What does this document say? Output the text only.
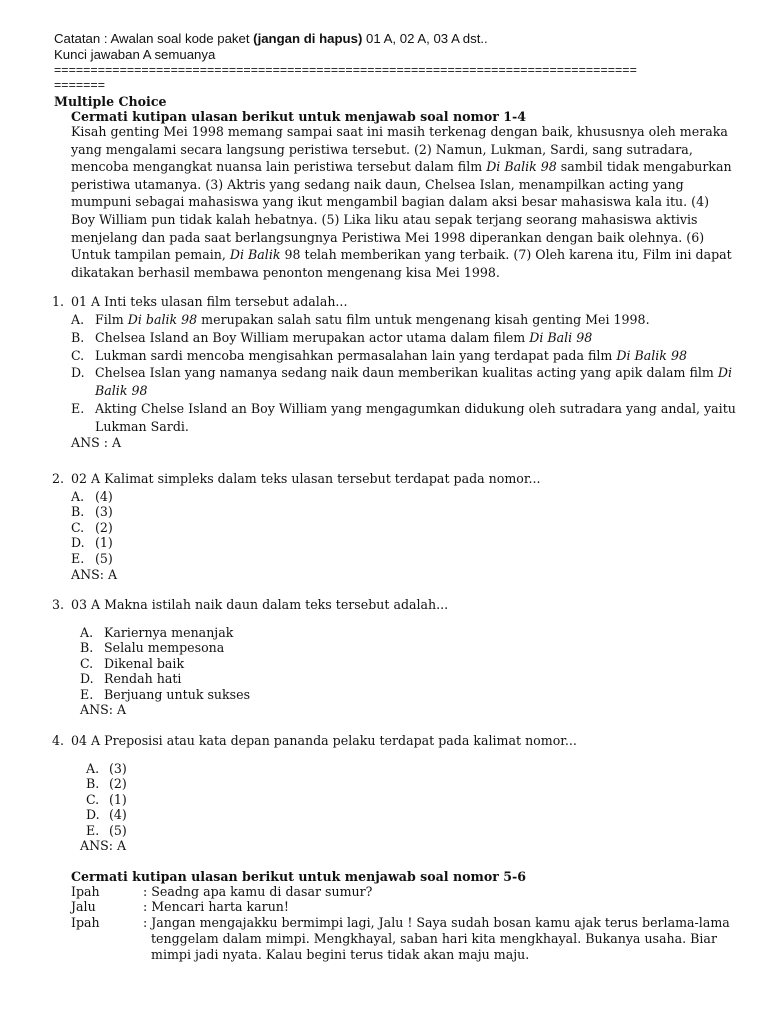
Catatan : Awalan soal kode paket (jangan di hapus) 01 A, 02 A, 03 A dst..
Kunci jawaban A semuanya
================================================================================
=======
Multiple Choice
Cermati kutipan ulasan berikut untuk menjawab soal nomor 1-4
Kisah genting Mei 1998 memang sampai saat ini masih terkenag dengan baik, khususnya oleh meraka
yang mengalami secara langsung peristiwa tersebut. (2) Namun, Lukman, Sardi, sang sutradara,
mencoba mengangkat nuansa lain peristiwa tersebut dalam film Di Balik 98 sambil tidak mengaburkan
peristiwa utamanya. (3) Aktris yang sedang naik daun, Chelsea Islan, menampilkan acting yang
mumpuni sebagai mahasiswa yang ikut mengambil bagian dalam aksi besar mahasiswa kala itu. (4)
Boy William pun tidak kalah hebatnya. (5) Lika liku atau sepak terjang seorang mahasiswa aktivis
menjelang dan pada saat berlangsungnya Peristiwa Mei 1998 diperankan dengan baik olehnya. (6)
Untuk tampilan pemain, Di Balik 98 telah memberikan yang terbaik. (7) Oleh karena itu, Film ini dapat
dikatakan berhasil membawa penonton mengenang kisa Mei 1998.
1. 01 A Inti teks ulasan film tersebut adalah...
A. Film Di balik 98 merupakan salah satu film untuk mengenang kisah genting Mei 1998.
B. Chelsea Island an Boy William merupakan actor utama dalam filem Di Bali 98
C. Lukman sardi mencoba mengisahkan permasalahan lain yang terdapat pada film Di Balik 98
D. Chelsea Islan yang namanya sedang naik daun memberikan kualitas acting yang apik dalam film Di
Balik 98
E. Akting Chelse Island an Boy William yang mengagumkan didukung oleh sutradara yang andal, yaitu
Lukman Sardi.
ANS : A
2. 02 A Kalimat simpleks dalam teks ulasan tersebut terdapat pada nomor...
A. (4)
B. (3)
C. (2)
D. (1)
E. (5)
ANS: A
3. 03 A Makna istilah naik daun dalam teks tersebut adalah...
A. Kariernya menanjak
B. Selalu mempesona
C. Dikenal baik
D. Rendah hati
E. Berjuang untuk sukses
ANS: A
4. 04 A Preposisi atau kata depan pananda pelaku terdapat pada kalimat nomor...
A. (3)
B. (2)
C. (1)
D. (4)
E. (5)
ANS: A
Cermati kutipan ulasan berikut untuk menjawab soal nomor 5-6
Ipah	: Seadng apa kamu di dasar sumur?
Jalu	: Mencari harta karun!
Ipah	: Jangan mengajakku bermimpi lagi, Jalu ! Saya sudah bosan kamu ajak terus berlama-lama
tenggelam dalam mimpi. Mengkhayal, saban hari kita mengkhayal. Bukanya usaha. Biar
mimpi jadi nyata. Kalau begini terus tidak akan maju maju.
